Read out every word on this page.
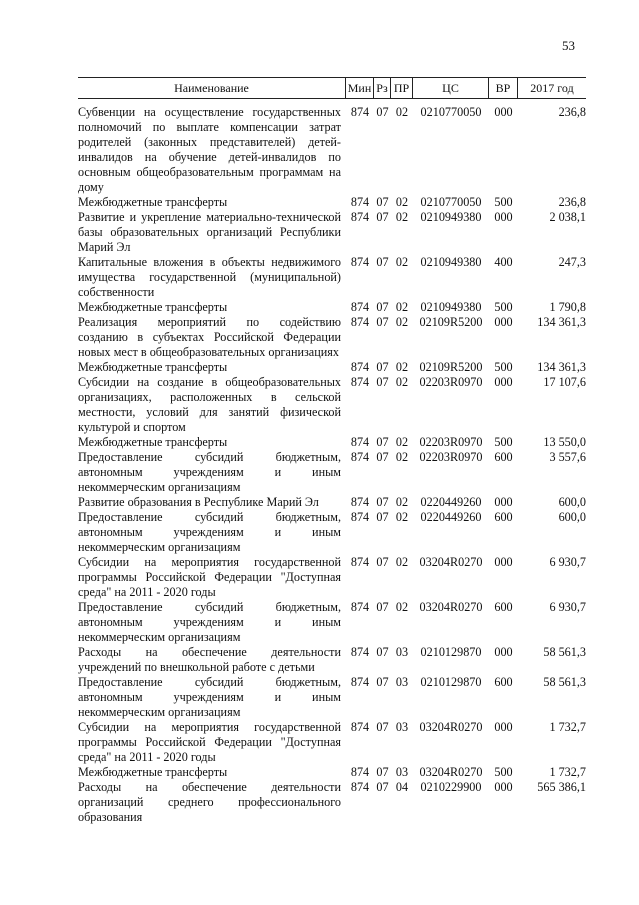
53
Наименование	Мин Рз ПР	ЦС	ВР	2017 год
Субвенции на осуществление государственных полномочий по выплате компенсации затрат родителей (законных представителей) детей-инвалидов на обучение детей-инвалидов по основным общеобразовательным программам на дому
874 07 02	0210770050	000	236,8
Межбюджетные трансферты	874 07 02	0210770050	500	236,8
Развитие и укрепление материально-технической базы образовательных организаций Республики Марий Эл
874 07 02	0210949380	000	2 038,1
Капитальные вложения в объекты недвижимого имущества государственной (муниципальной) собственности
874 07 02	0210949380	400	247,3
Межбюджетные трансферты	874 07 02	0210949380	500	1 790,8
Реализация мероприятий по содействию созданию в субъектах Российской Федерации новых мест в общеобразовательных организациях
874 07 02 02109R5200 000	134 361,3
Межбюджетные трансферты	874 07 02 02109R5200 500	134 361,3
Субсидии на создание в общеобразовательных организациях, расположенных в сельской местности, условий для занятий физической культурой и спортом
874 07 02 02203R0970 000	17 107,6
Межбюджетные трансферты	874 07 02 02203R0970 500	13 550,0
Предоставление субсидий бюджетным, автономным учреждениям и иным некоммерческим организациям
874 07 02 02203R0970 600	3 557,6
Развитие образования в Республике Марий Эл	874 07 02	0220449260	000	600,0
Предоставление субсидий бюджетным, автономным учреждениям и иным некоммерческим организациям
874 07 02	0220449260	600	600,0
Субсидии на мероприятия государственной программы Российской Федерации "Доступная среда" на 2011 - 2020 годы
874 07 02 03204R0270 000	6 930,7
Предоставление субсидий бюджетным, автономным учреждениям и иным некоммерческим организациям
874 07 02 03204R0270 600	6 930,7
Расходы на обеспечение деятельности учреждений по внешкольной работе с детьми
874 07 03	0210129870	000	58 561,3
Предоставление субсидий бюджетным, автономным учреждениям и иным некоммерческим организациям
874 07 03	0210129870	600	58 561,3
Субсидии на мероприятия государственной программы Российской Федерации "Доступная среда" на 2011 - 2020 годы
874 07 03 03204R0270 000	1 732,7
Межбюджетные трансферты	874 07 03 03204R0270 500	1 732,7
Расходы на обеспечение деятельности организаций среднего профессионального образования
874 07 04	0210229900	000	565 386,1
